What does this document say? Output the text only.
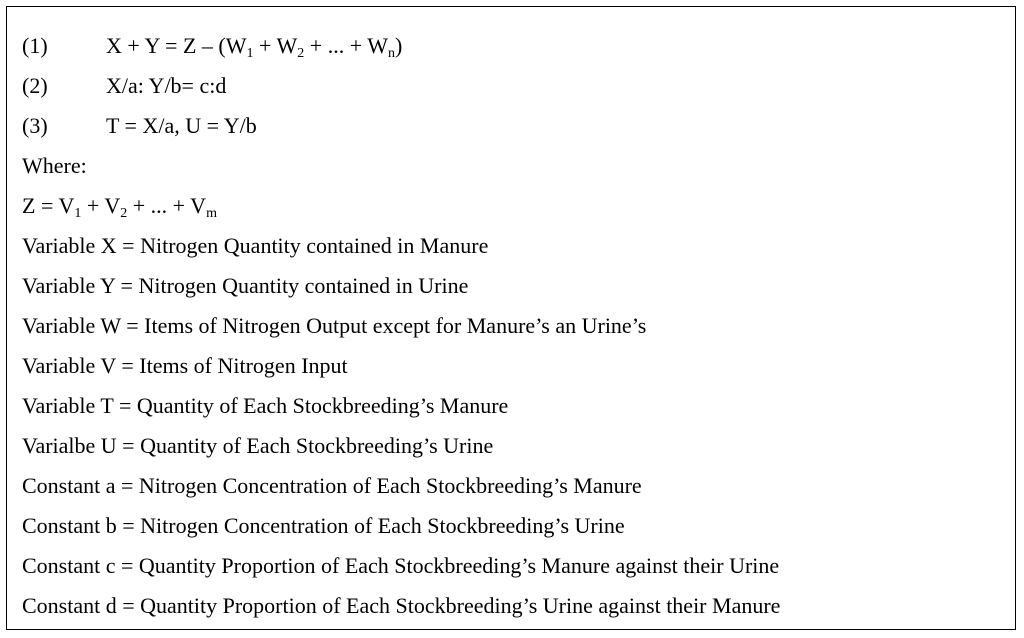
(1)	$X + Y = Z - (W_1 + W_2$ + ... + $W_n$)
(2)	X/a: Y/b= c:d
(3)	T = X/a, U = Y/b
Where:
$Z = V_1 + V_2$ + ... + $V_m$
Variable X = Nitrogen Quantity contained in Manure
Variable Y = Nitrogen Quantity contained in Urine
Variable W = Items of Nitrogen Output except for Manure’s an Urine’s
Variable V = Items of Nitrogen Input
Variable T = Quantity of Each Stockbreeding’s Manure
Varialbe U = Quantity of Each Stockbreeding’s Urine
Constant a = Nitrogen Concentration of Each Stockbreeding’s Manure
Constant b = Nitrogen Concentration of Each Stockbreeding’s Urine
Constant c = Quantity Proportion of Each Stockbreeding’s Manure against their Urine
Constant d = Quantity Proportion of Each Stockbreeding’s Urine against their Manure
